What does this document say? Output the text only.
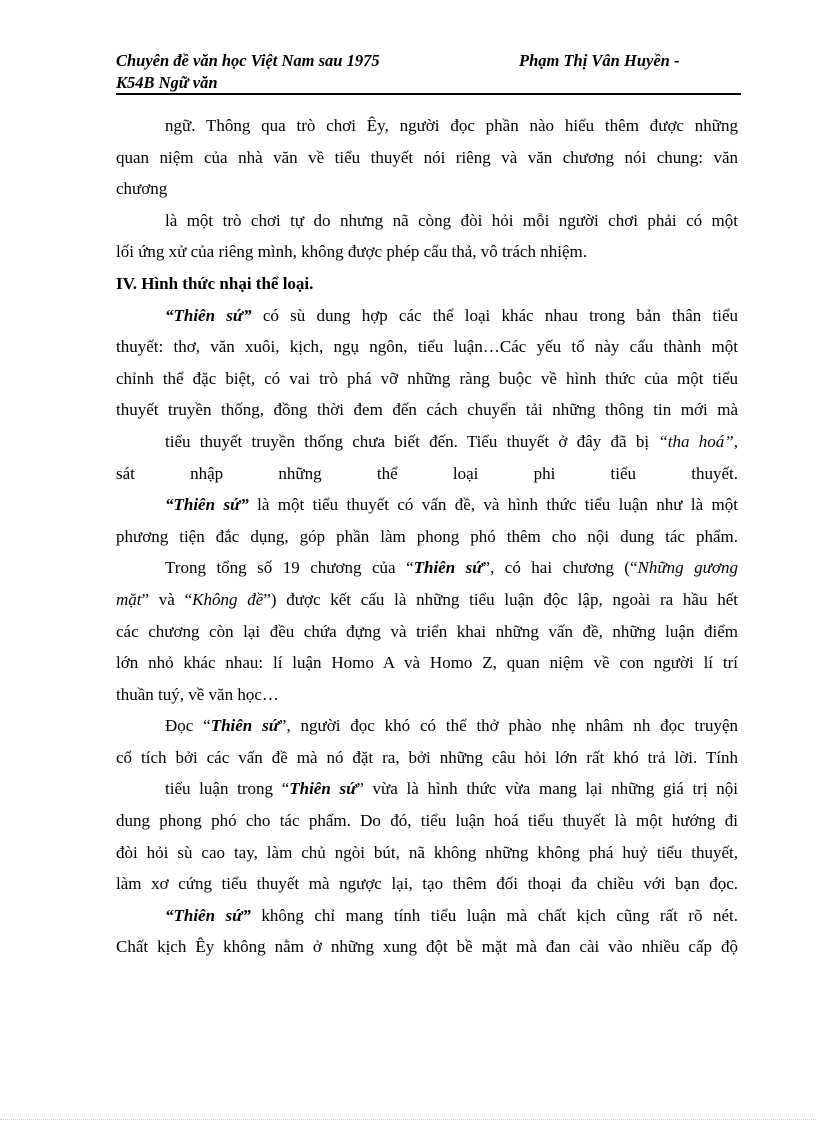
Chuyên đề văn học Việt Nam sau 1975	Phạm Thị Vân Huyền -
K54B Ngữ văn
ngữ. Thông qua trò chơi Êy, người đọc phần nào hiểu thêm được những
quan niệm của nhà văn về tiểu thuyết nói riêng và văn chương nói chung: văn
chương
là một trò chơi tự do nhưng nã còng đòi hỏi mỗi người chơi phải có một
lối ứng xử của riêng mình, không được phép cẩu thả, vô trách nhiệm.
IV. Hình thức nhại thể loại.
“Thiên sứ” có sù dung hợp các thể loại khác nhau trong bản thân tiểu
thuyết: thơ, văn xuôi, kịch, ngụ ngôn, tiểu luận…Các yếu tố này cấu thành một
chỉnh thể đặc biệt, có vai trò phá vỡ những ràng buộc về hình thức của một tiểu
thuyết truyền thống, đồng thời đem đến cách chuyển tải những thông tin mới mà
tiểu thuyết truyền thống chưa biết đến. Tiểu thuyết ở đây đã bị “tha hoá”,
sát nhập những thể loại phi tiểu thuyết.
“Thiên sứ” là một tiểu thuyết có vấn đề, và hình thức tiểu luận như là một
phương tiện đắc dụng, góp phần làm phong phó thêm cho nội dung tác phẩm.
Trong tổng số 19 chương của “Thiên sứ”, có hai chương (“Những gương
mặt” và “Không đề”) được kết cấu là những tiểu luận độc lập, ngoài ra hầu hết
các chương còn lại đều chứa đựng và triển khai những vấn đề, những luận điểm
lớn nhỏ khác nhau: lí luận Homo A và Homo Z, quan niệm về con người lí trí
thuần tuý, về văn học…
Đọc “Thiên sứ”, người đọc khó có thể thở phào nhẹ nhâm nh đọc truyện
cổ tích bởi các vấn đề mà nó đặt ra, bởi những câu hỏi lớn rất khó trả lời. Tính
tiểu luận trong “Thiên sứ” vừa là hình thức vừa mang lại những giá trị nội
dung phong phó cho tác phẩm. Do đó, tiểu luận hoá tiểu thuyết là một hướng đi
đòi hỏi sù cao tay, làm chủ ngòi bút, nã không những không phá huỷ tiểu thuyết,
làm xơ cứng tiểu thuyết mà ngược lại, tạo thêm đối thoại đa chiều với bạn đọc.
“Thiên sứ” không chỉ mang tính tiểu luận mà chất kịch cũng rất rõ nét.
Chất kịch Êy không nằm ở những xung đột bề mặt mà đan cài vào nhiều cấp độ
